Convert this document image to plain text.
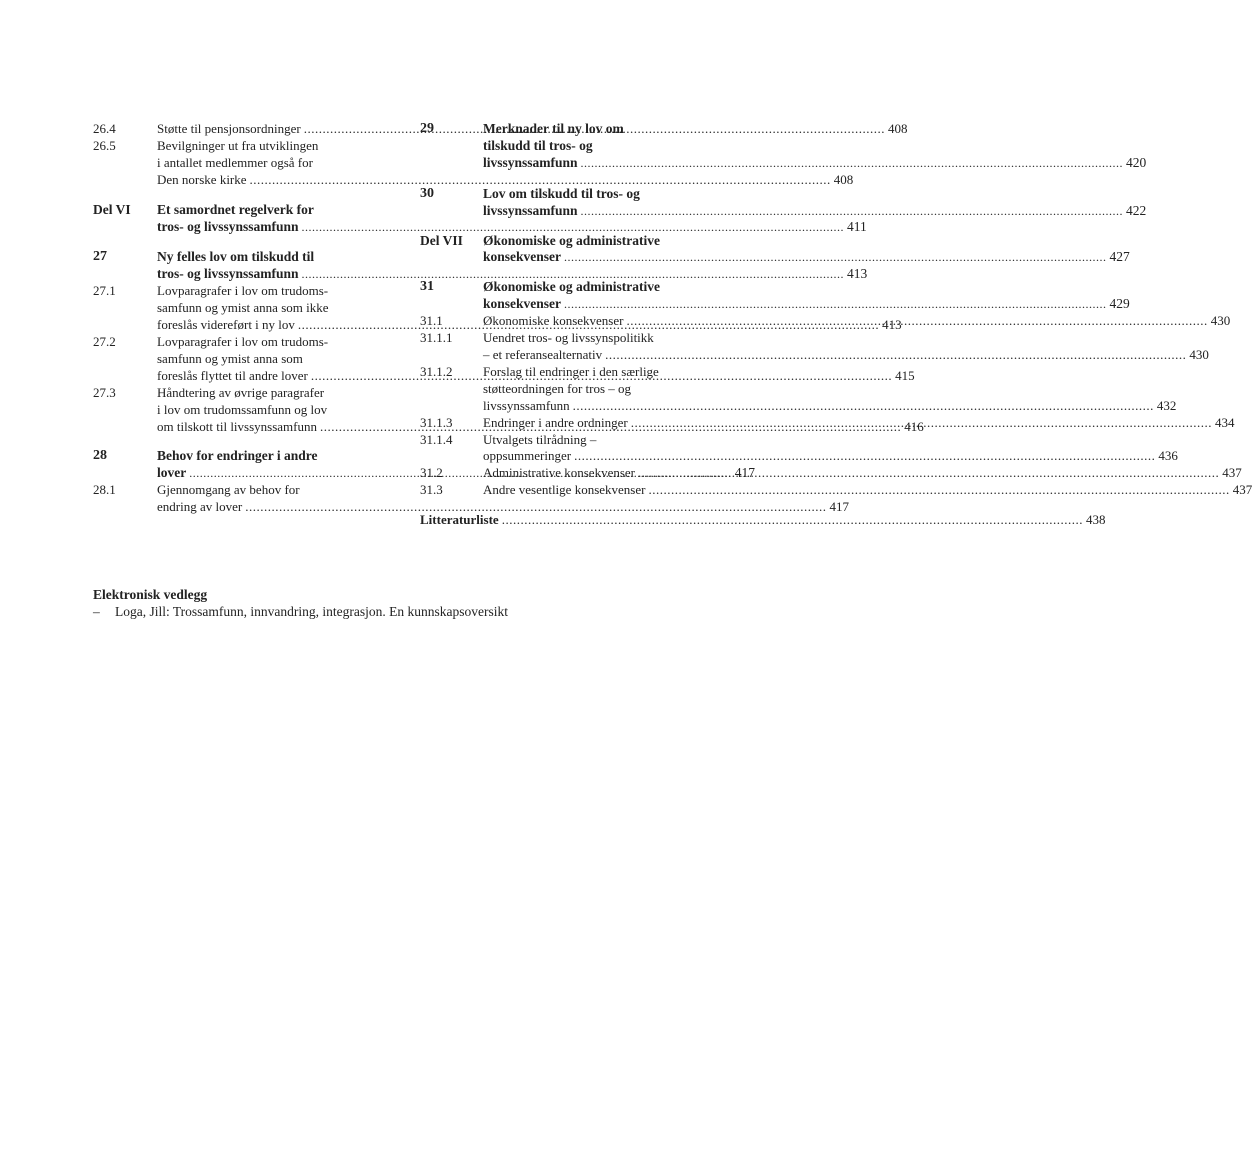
26.4	Støtte til pensjonsordninger .....	408
26.5	Bevilgninger ut fra utviklingen
i antallet medlemmer også for
Den norske kirke .....	408
Del VI	Et samordnet regelverk for
tros- og livssynssamfunn .....	411
27	Ny felles lov om tilskudd til
tros- og livssynssamfunn .....	413
27.1	Lovparagrafer i lov om trudoms-
samfunn og ymist anna som ikke
foreslås videreført i ny lov .....	413
27.2	Lovparagrafer i lov om trudoms-
samfunn og ymist anna som
foreslås flyttet til andre lover .....	415
27.3	Håndtering av øvrige paragrafer
i lov om trudomssamfunn og lov
om tilskott til livssynssamfunn .....	416
28	Behov for endringer i andre
lover .....	417
28.1	Gjennomgang av behov for
endring av lover .....	417
29	Merknader til ny lov om
tilskudd til tros- og
livssynssamfunn .....	420
30	Lov om tilskudd til tros- og
livssynssamfunn .....	422
Del VII	Økonomiske og administrative
konsekvenser .....	427
31	Økonomiske og administrative
konsekvenser .....	429
31.1	Økonomiske konsekvenser .....	430
31.1.1	Uendret tros- og livssynspolitikk
– et referansealternativ .....	430
31.1.2	Forslag til endringer i den særlige
støtteordningen for tros – og
livssynssamfunn .....	432
31.1.3	Endringer i andre ordninger .....	434
31.1.4	Utvalgets tilrådning –
oppsummeringer .....	436
31.2	Administrative konsekvenser .....	437
31.3	Andre vesentlige konsekvenser .....	437
Litteraturliste .....	438
Elektronisk vedlegg
– Loga, Jill: Trossamfunn, innvandring, integrasjon. En kunnskapsoversikt
